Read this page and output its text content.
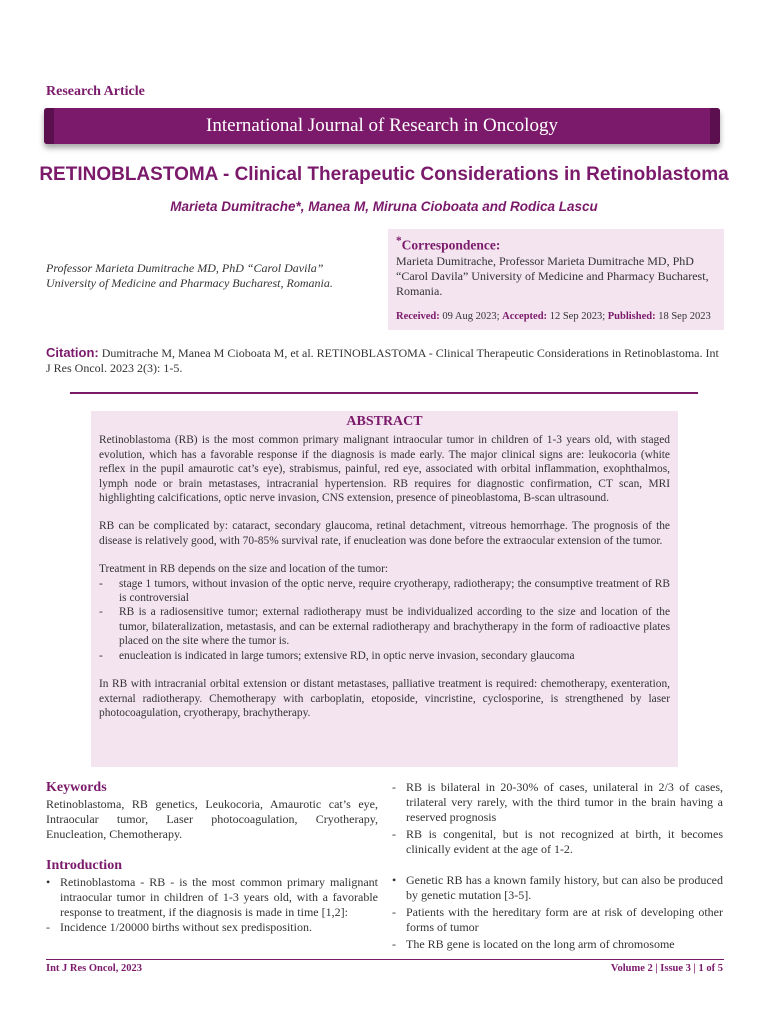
Research Article
International Journal of Research in Oncology
RETINOBLASTOMA - Clinical Therapeutic Considerations in Retinoblastoma
Marieta Dumitrache*, Manea M, Miruna Cioboata and Rodica Lascu
Professor Marieta Dumitrache MD, PhD “Carol Davila” University of Medicine and Pharmacy Bucharest, Romania.
*Correspondence:
Marieta Dumitrache, Professor Marieta Dumitrache MD, PhD “Carol Davila” University of Medicine and Pharmacy Bucharest, Romania.
Received: 09 Aug 2023; Accepted: 12 Sep 2023; Published: 18 Sep 2023
Citation: Dumitrache M, Manea M Cioboata M, et al. RETINOBLASTOMA - Clinical Therapeutic Considerations in Retinoblastoma. Int J Res Oncol. 2023 2(3): 1-5.
ABSTRACT

Retinoblastoma (RB) is the most common primary malignant intraocular tumor in children of 1-3 years old, with staged evolution, which has a favorable response if the diagnosis is made early. The major clinical signs are: leukocoria (white reflex in the pupil amaurotic cat’s eye), strabismus, painful, red eye, associated with orbital inflammation, exophthalmos, lymph node or brain metastases, intracranial hypertension. RB requires for diagnostic confirmation, CT scan, MRI highlighting calcifications, optic nerve invasion, CNS extension, presence of pineoblastoma, B-scan ultrasound.

RB can be complicated by: cataract, secondary glaucoma, retinal detachment, vitreous hemorrhage. The prognosis of the disease is relatively good, with 70-85% survival rate, if enucleation was done before the extraocular extension of the tumor.

Treatment in RB depends on the size and location of the tumor:
- stage 1 tumors, without invasion of the optic nerve, require cryotherapy, radiotherapy; the consumptive treatment of RB is controversial
- RB is a radiosensitive tumor; external radiotherapy must be individualized according to the size and location of the tumor, bilateralization, metastasis, and can be external radiotherapy and brachytherapy in the form of radioactive plates placed on the site where the tumor is.
- enucleation is indicated in large tumors; extensive RD, in optic nerve invasion, secondary glaucoma

In RB with intracranial orbital extension or distant metastases, palliative treatment is required: chemotherapy, exenteration, external radiotherapy. Chemotherapy with carboplatin, etoposide, vincristine, cyclosporine, is strengthened by laser photocoagulation, cryotherapy, brachytherapy.

Keywords

Retinoblastoma, RB genetics, Leukocoria, Amaurotic cat’s eye, Intraocular tumor, Laser photocoagulation, Cryotherapy, Enucleation, Chemotherapy.

Introduction
• Retinoblastoma - RB - is the most common primary malignant intraocular tumor in children of 1-3 years old, with a favorable response to treatment, if the diagnosis is made in time [1,2]:
- Incidence 1/20000 births without sex predisposition.
- RB is bilateral in 20-30% of cases, unilateral in 2/3 of cases, trilateral very rarely, with the third tumor in the brain having a reserved prognosis
- RB is congenital, but is not recognized at birth, it becomes clinically evident at the age of 1-2.
• Genetic RB has a known family history, but can also be produced by genetic mutation [3-5].
- Patients with the hereditary form are at risk of developing other forms of tumor
- The RB gene is located on the long arm of chromosome
Int J Res Oncol, 2023	Volume 2 | Issue 3 | 1 of 5
